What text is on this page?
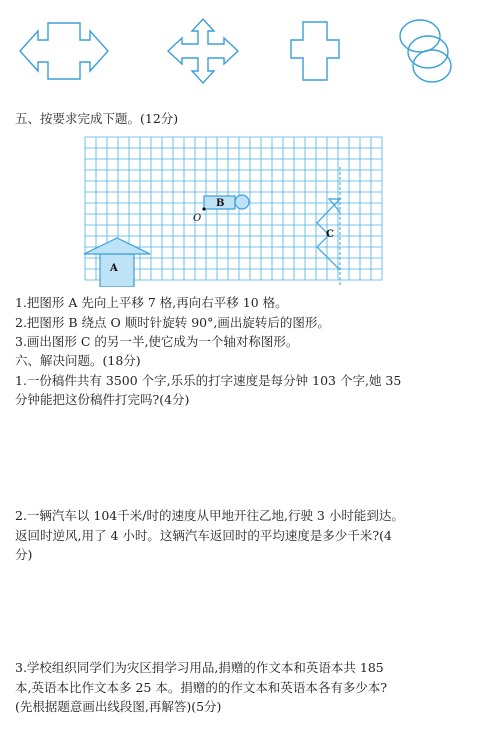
五、按要求完成下题。(12分)
A
B
O
C
1.把图形 A 先向上平移 7 格,再向右平移 10 格。
2.把图形 B 绕点 O 顺时针旋转 90°,画出旋转后的图形。
3.画出图形 C 的另一半,使它成为一个轴对称图形。
六、解决问题。(18分)
1.一份稿件共有 3500 个字,乐乐的打字速度是每分钟 103 个字,她 35
分钟能把这份稿件打完吗?(4分)
2.一辆汽车以 104千米/时的速度从甲地开往乙地,行驶 3 小时能到达。
返回时逆风,用了 4 小时。这辆汽车返回时的平均速度是多少千米?(4
分)
3.学校组织同学们为灾区捐学习用品,捐赠的作文本和英语本共 185
本,英语本比作文本多 25 本。捐赠的的作文本和英语本各有多少本?
(先根据题意画出线段图,再解答)(5分)
